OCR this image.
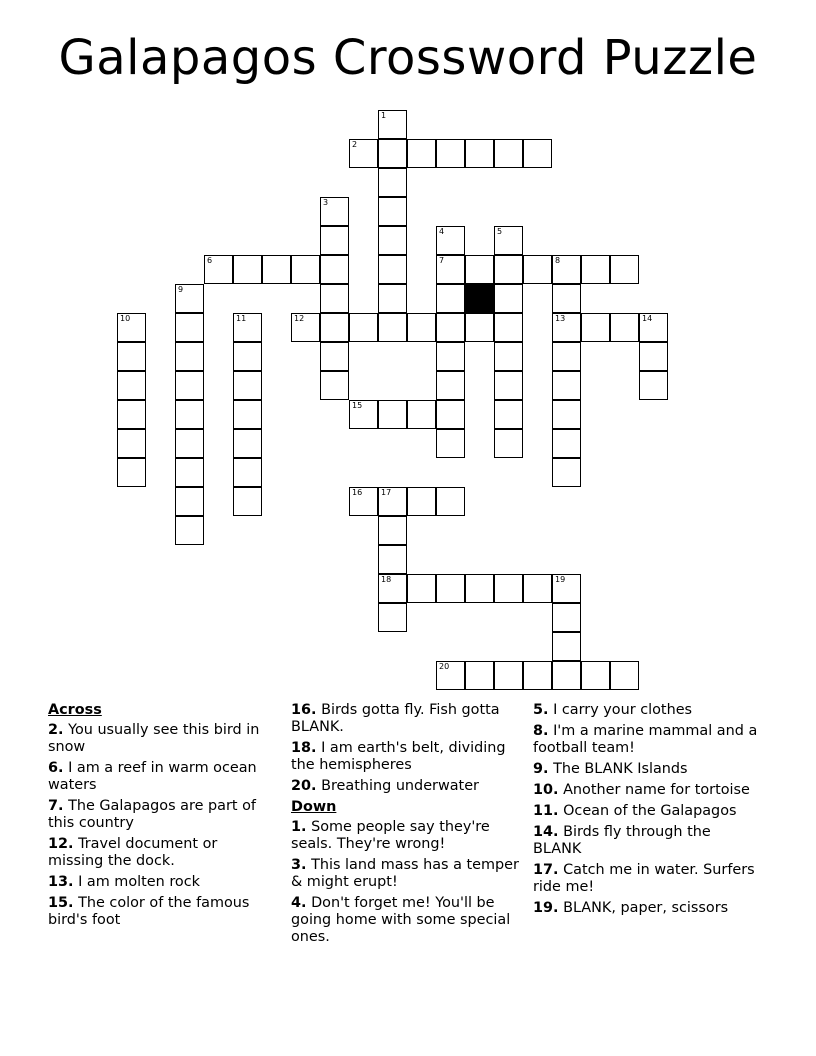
Galapagos Crossword Puzzle
1
2
3
4
7
5
6	8
13
9
10	11	12	14
15
16 17
18	19
20
Across
2. You usually see this bird in snow
6. I am a reef in warm ocean waters
7. The Galapagos are part of this country
12. Travel document or missing the dock.
13. I am molten rock
15. The color of the famous bird's foot
16. Birds gotta fly. Fish gotta BLANK.
18. I am earth's belt, dividing the hemispheres
20. Breathing underwater
Down
1. Some people say they're seals. They're wrong!
3. This land mass has a temper & might erupt!
4. Don't forget me! You'll be going home with some special ones.
5. I carry your clothes
8. I'm a marine mammal and a football team!
9. The BLANK Islands
10. Another name for tortoise
11. Ocean of the Galapagos
14. Birds fly through the BLANK
17. Catch me in water. Surfers ride me!
19. BLANK, paper, scissors
